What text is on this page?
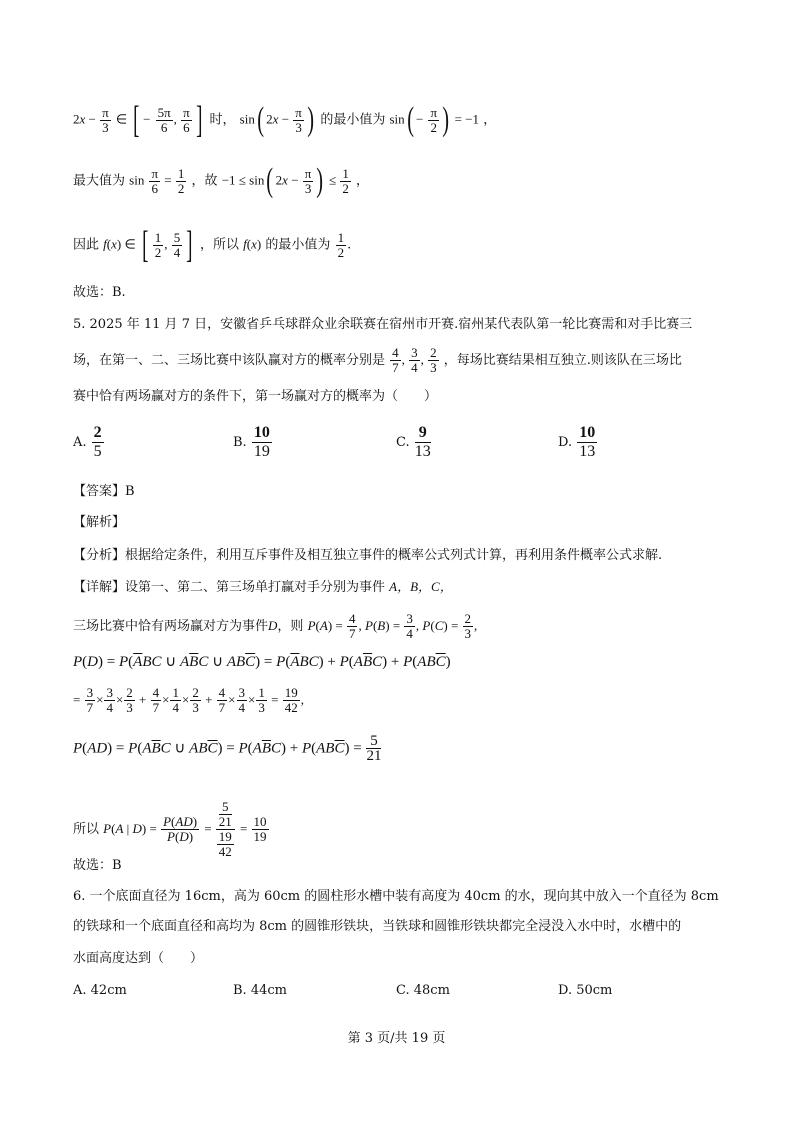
$2x - \frac{\pi}{3}$ ∈ [ − $\frac{5\pi}{6}$ , $\frac{\pi}{6}$ ] 时， sin( $2x - \frac{\pi}{3}$ ) 的最小值为 $\sin( - \frac{\pi}{2}$ ) = −1 ，
最大值为 $\sin \frac{\pi}{6} = \frac{1}{2}$ ，故 −1 ≤ sin( $2x - \frac{\pi}{3}$ ) ≤ $\frac{1}{2}$ ，
因此 f(x) ∈ [ $\frac{1}{2}$ , $\frac{5}{4}$ ] ，所以 f(x) 的最小值为 $\frac{1}{2}$ .
故选：B.
5. 2025 年 11 月 7 日，安徽省乒乓球群众业余联赛在宿州市开赛.宿州某代表队第一轮比赛需和对手比赛三
场，在第一、二、三场比赛中该队赢对方的概率分别是 $\frac{4}{7}$ , $\frac{3}{4}$ , $\frac{2}{3}$ ，每场比赛结果相互独立.则该队在三场比
赛中恰有两场赢对方的条件下，第一场赢对方的概率为（　　）
A. $\frac{2}{5}$	B. $\frac{10}{19}$	C. $\frac{9}{13}$	D. $\frac{10}{13}$
【答案】B
【解析】
【分析】根据给定条件，利用互斥事件及相互独立事件的概率公式列式计算，再利用条件概率公式求解.
【详解】设第一、第二、第三场单打赢对手分别为事件 A，B，C，
三场比赛中恰有两场赢对方为事件D，则 $P(A) = \frac{4}{7}$ , $P(B) = \frac{3}{4}$ , $P(C) = \frac{2}{3}$ ,
$P(D) = P(\overline{A}BC$ ∪ $A\overline{B}C$ ∪ $AB\overline{C}) = P(\overline{A}BC) + P(A\overline{B}C) + P(AB\overline{C})$
= $\frac{3}{7} \times \frac{3}{4} \times \frac{2}{3} + \frac{4}{7} \times \frac{1}{4} \times \frac{2}{3} + \frac{4}{7} \times \frac{3}{4} \times \frac{1}{3} = \frac{19}{42}$ ,
$P(AD) = P(A\overline{B}C$ ∪ $AB\overline{C}) = P(A\overline{B}C) + P(AB\overline{C}) = \frac{5}{21}$
所以 P(A | $D) = \frac{P(AD)}{P(D)} = \frac{\frac{5}{21}}{\frac{19}{42}} = \frac{10}{19}$
故选：B
6. 一个底面直径为 16cm，高为 60cm 的圆柱形水槽中装有高度为 40cm 的水，现向其中放入一个直径为 8cm
的铁球和一个底面直径和高均为 8cm 的圆锥形铁块，当铁球和圆锥形铁块都完全浸没入水中时，水槽中的
水面高度达到（　　）
A. 42cm	B. 44cm	C. 48cm	D. 50cm
第 3 页/共 19 页
